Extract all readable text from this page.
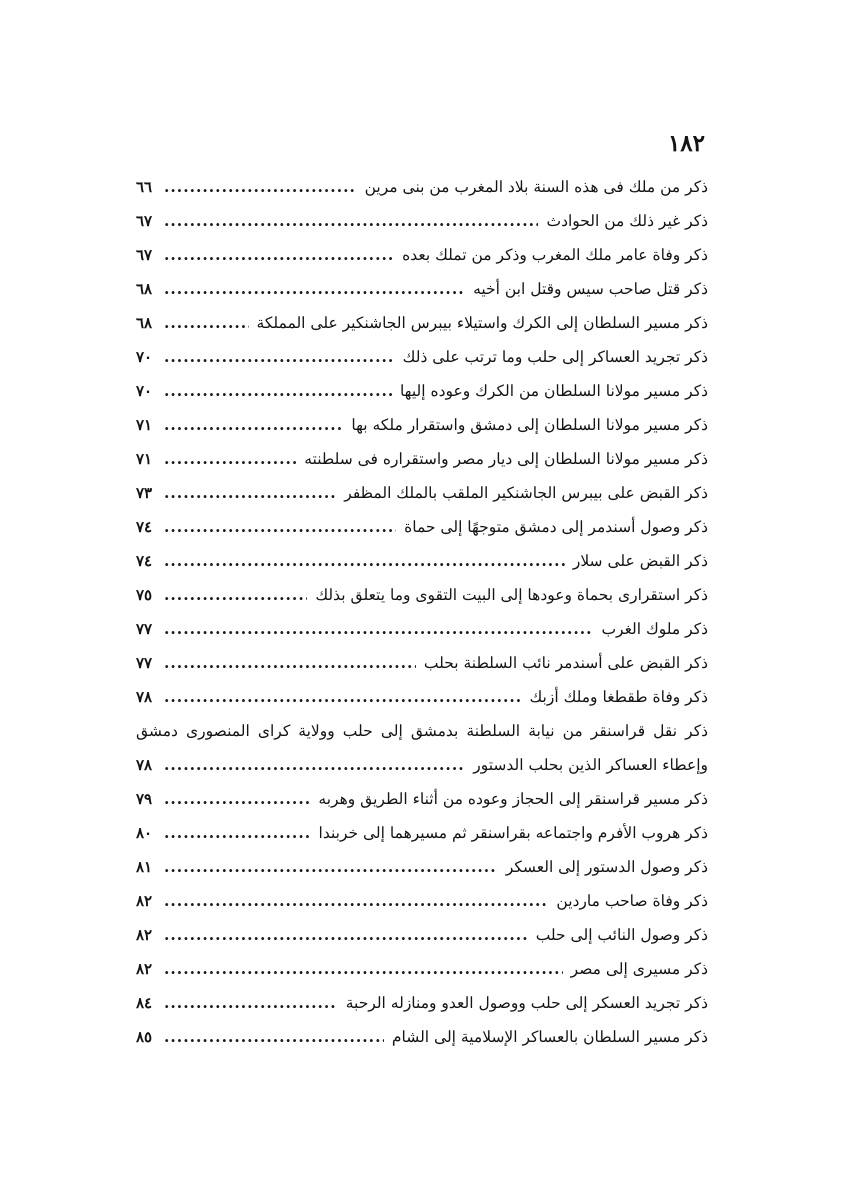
١٨٢
ذكر من ملك فى هذه السنة بلاد المغرب من بنى مرين
.....
٦٦
ذكر غير ذلك من الحوادث
.....
٦٧
ذكر وفاة عامر ملك المغرب وذكر من تملك بعده
.....
٦٧
ذكر قتل صاحب سيس وقتل ابن أخيه
.....
٦٨
ذكر مسير السلطان إلى الكرك واستيلاء بيبرس الجاشنكير على المملكة
.....
٦٨
ذكر تجريد العساكر إلى حلب وما ترتب على ذلك
.....
٧٠
ذكر مسير مولانا السلطان من الكرك وعوده إليها
.....
٧٠
ذكر مسير مولانا السلطان إلى دمشق واستقرار ملكه بها
.....
٧١
ذكر مسير مولانا السلطان إلى ديار مصر واستقراره فى سلطنته
.....
٧١
ذكر القبض على بيبرس الجاشنكير الملقب بالملك المظفر
.....
٧٣
ذكر وصول أسندمر إلى دمشق متوجهًا إلى حماة
.....
٧٤
ذكر القبض على سلار
.....
٧٤
ذكر استقرارى بحماة وعودها إلى البيت التقوى وما يتعلق بذلك
.....
٧٥
ذكر ملوك الغرب
.....
٧٧
ذكر القبض على أسندمر نائب السلطنة بحلب
.....
٧٧
ذكر وفاة طقطغا وملك أزبك
.....
٧٨
ذكر نقل قراسنقر من نيابة السلطنة بدمشق إلى حلب وولاية كراى المنصورى دمشق
وإعطاء العساكر الذين بحلب الدستور
.....
٧٨
ذكر مسير قراسنقر إلى الحجاز وعوده من أثناء الطريق وهربه
.....
٧٩
ذكر هروب الأفرم واجتماعه بقراسنقر ثم مسيرهما إلى خربندا
.....
٨٠
ذكر وصول الدستور إلى العسكر
.....
٨١
ذكر وفاة صاحب ماردين
.....
٨٢
ذكر وصول النائب إلى حلب
.....
٨٢
ذكر مسيرى إلى مصر
.....
٨٢
ذكر تجريد العسكر إلى حلب ووصول العدو ومنازله الرحبة
.....
٨٤
ذكر مسير السلطان بالعساكر الإسلامية إلى الشام
.....
٨٥
